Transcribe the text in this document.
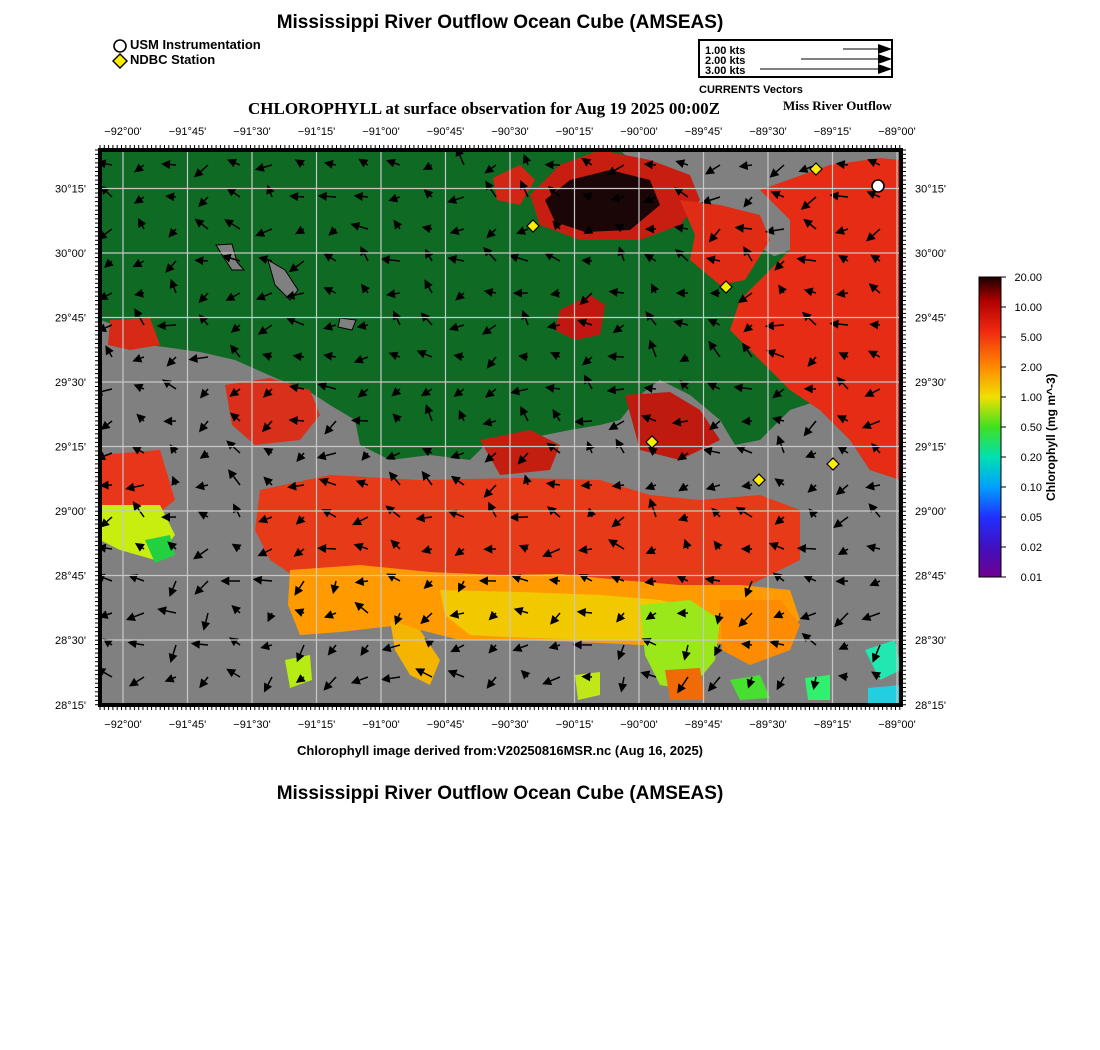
Mississippi River Outflow Ocean Cube (AMSEAS)
USM Instrumentation
NDBC Station
1.00 kts
2.00 kts
3.00 kts
CURRENTS Vectors
CHLOROPHYLL at surface observation for Aug 19 2025 00:00Z	Miss River Outflow
−92°00' −91°45' −91°30' −91°15' −91°00' −90°45' −90°30' −90°15' −90°00' −89°45' −89°30' −89°15' −89°00'
−92°00' −91°45' −91°30' −91°15' −91°00' −90°45' −90°30' −90°15' −90°00' −89°45' −89°30' −89°15' −89°00'
30°15'
30°00'
29°45'
29°30'
29°15'
29°00'
28°45'
28°30'
28°15'
30°15'
30°00'
29°45'
29°30'
29°15'
29°00'
28°45'
28°30'
28°15'
20.00
10.00
5.00
2.00
1.00
0.50
0.20
0.10
0.05
0.02
0.01
Chlorophyll (mg m^-3)
Chlorophyll image derived from:V20250816MSR.nc (Aug 16, 2025)
Mississippi River Outflow Ocean Cube (AMSEAS)
